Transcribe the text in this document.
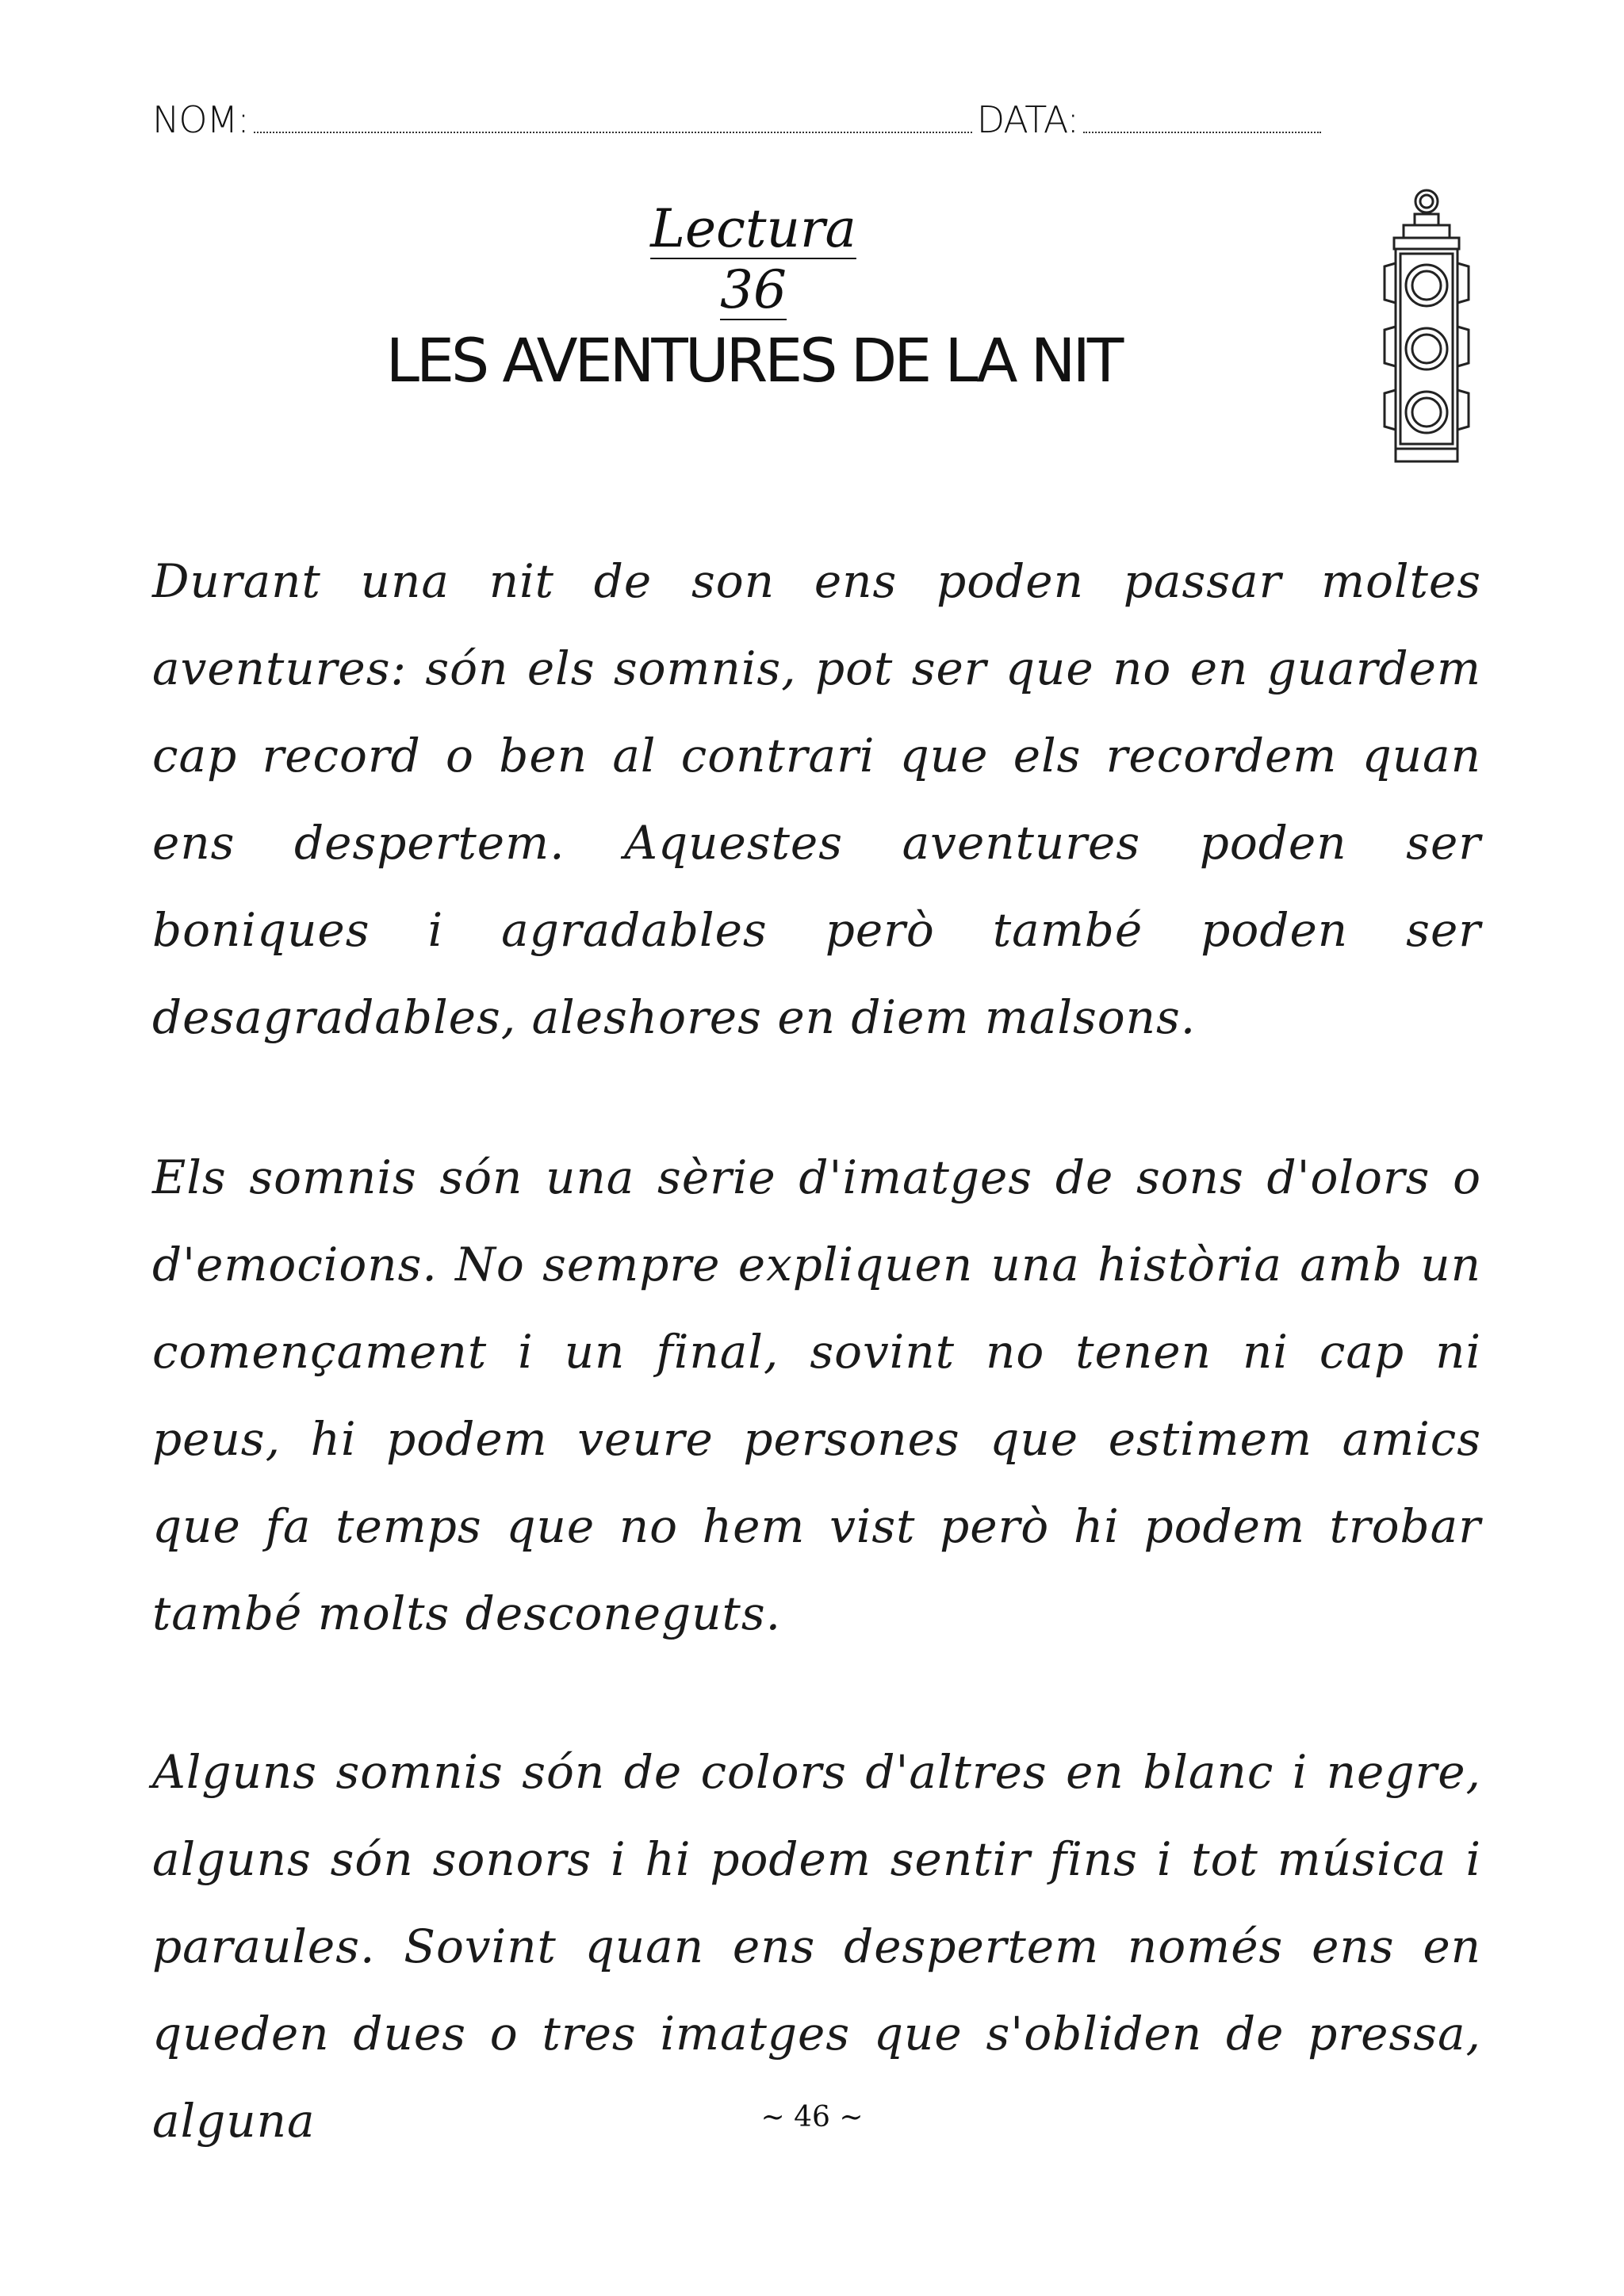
NOM:	DATA:
Lectura 36
LES AVENTURES DE LA NIT

Durant una nit de son ens poden passar moltes aventures: són els somnis, pot ser que no en guardem cap record o ben al contrari que els recordem quan ens despertem. Aquestes aventures poden ser boniques i agradables però també poden ser desagradables, aleshores en diem malsons.

Els somnis són una sèrie d'imatges de sons d'olors o d'emocions. No sempre expliquen una història amb un començament i un final, sovint no tenen ni cap ni peus, hi podem veure persones que estimem amics que fa temps que no hem vist però hi podem trobar també molts desconeguts.

Alguns somnis són de colors d'altres en blanc i negre, alguns són sonors i hi podem sentir fins i tot música i paraules. Sovint quan ens despertem només ens en queden dues o tres imatges que s'obliden de pressa, alguna	~ 46 ~
